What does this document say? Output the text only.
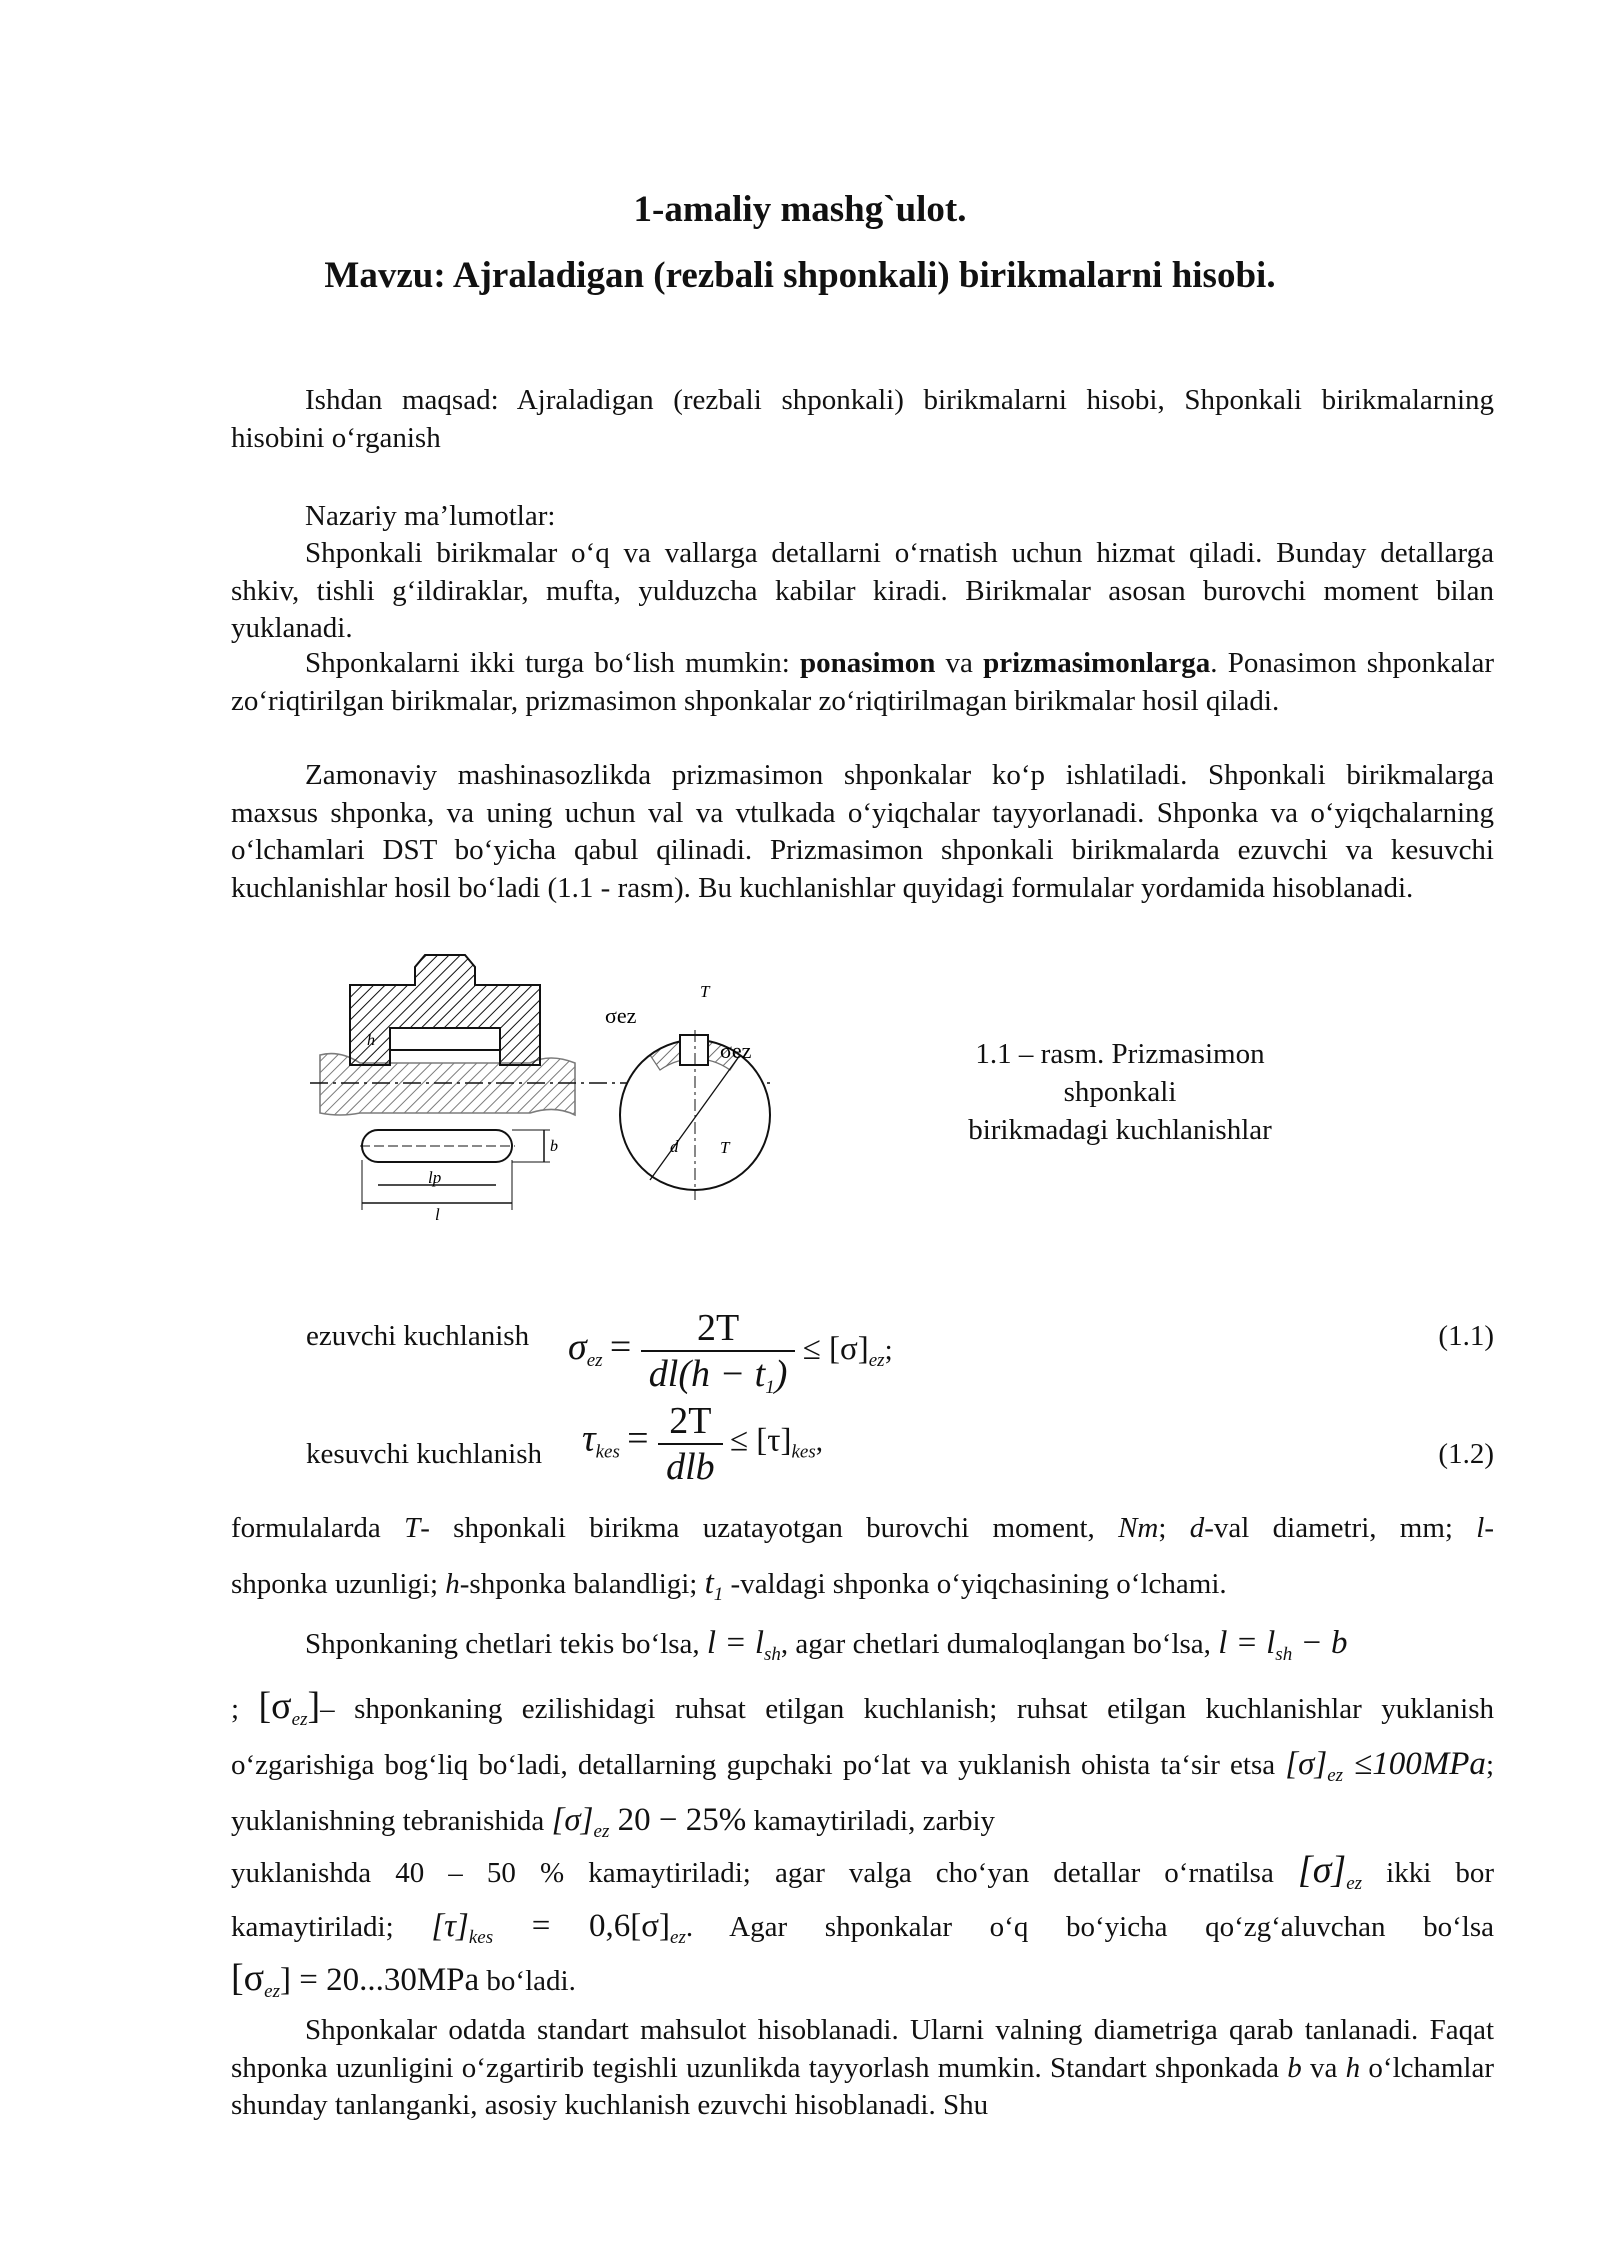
1-amaliy mashg`ulot.
Mavzu: Ajraladigan (rezbali shponkali) birikmalarni hisobi.
Ishdan maqsad: Ajraladigan (rezbali shponkali) birikmalarni hisobi, Shponkali birikmalarning hisobini o‘rganish
Nazariy ma’lumotlar:
Shponkali birikmalar o‘q va vallarga detallarni o‘rnatish uchun hizmat qiladi. Bunday detallarga shkiv, tishli g‘ildiraklar, mufta, yulduzcha kabilar kiradi. Birikmalar asosan burovchi moment bilan yuklanadi.
Shponkalarni ikki turga bo‘lish mumkin: ponasimon va prizmasimonlarga. Ponasimon shponkalar zo‘riqtirilgan birikmalar, prizmasimon shponkalar zo‘riqtirilmagan birikmalar hosil qiladi.
Zamonaviy mashinasozlikda prizmasimon shponkalar ko‘p ishlatiladi. Shponkali birikmalarga maxsus shponka, va uning uchun val va vtulkada o‘yiqchalar tayyorlanadi. Shponka va o‘yiqchalarning o‘lchamlari DST bo‘yicha qabul qilinadi. Prizmasimon shponkali birikmalarda ezuvchi va kesuvchi kuchlanishlar hosil bo‘ladi (1.1 - rasm). Bu kuchlanishlar quyidagi formulalar yordamida hisoblanadi.
h
lp
l
b	d
T
T
σez
σez	1.1 – rasm. Prizmasimon shponkali
birikmadagi kuchlanishlar
ezuvchi kuchlanish $\sigma_{ez} = \frac{2T}{dl(h - t_1)} \le [\sigma]_{ez}$;	(1.1)
kesuvchi kuchlanish $\tau_{kes} = \frac{2T}{\text{dlb}} \le [\tau]_{kes}$,	(1.2)
formulalarda T- shponkali birikma uzatayotgan burovchi moment, Nm; d-val diametri, mm; l-
shponka uzunligi; h-shponka balandligi; $t_1$ -valdagi shponka o‘yiqchasining o‘lchami.
Shponkaning chetlari tekis bo‘lsa, $l = l_{sh}$, agar chetlari dumaloqlangan bo‘lsa, $l = l_{sh} - b$
; $[\sigma_{ez}]-$ shponkaning ezilishidagi ruhsat etilgan kuchlanish; ruhsat etilgan kuchlanishlar yuklanish o‘zgarishiga bog‘liq bo‘ladi, detallarning gupchaki po‘lat va yuklanish ohista ta‘sir etsa $[\sigma]_{ez} \le 100MPa$; yuklanishning tebranishida $[\sigma]_{ez}$ 20 − 25% kamaytiriladi, zarbiy
yuklanishda 40 – 50 % kamaytiriladi; agar valga cho‘yan detallar o‘rnatilsa $[\sigma]_{ez}$ ikki bor
kamaytiriladi; $[\tau]_{kes} = 0,6[\sigma]_{ez}$. Agar shponkalar o‘q bo‘yicha qo‘zg‘aluvchan bo‘lsa
$[\sigma_{ez}] = 20...30MPa$ bo‘ladi.
Shponkalar odatda standart mahsulot hisoblanadi. Ularni valning diametriga qarab tanlanadi. Faqat shponka uzunligini o‘zgartirib tegishli uzunlikda tayyorlash mumkin. Standart shponkada b va h o‘lchamlar shunday tanlanganki, asosiy kuchlanish ezuvchi hisoblanadi. Shu
